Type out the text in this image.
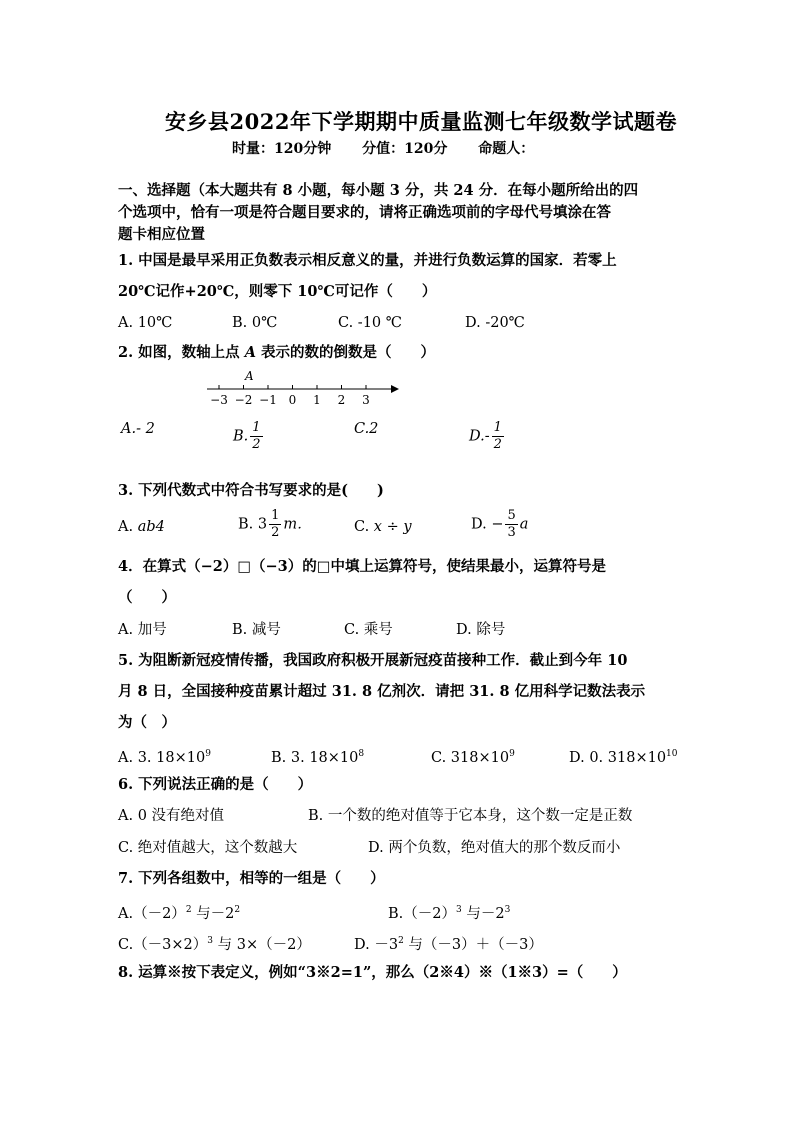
安乡县2022年下学期期中质量监测七年级数学试题卷
时量：120分钟 分值：120分 命题人：
一、选择题（本大题共有 8 小题，每小题 3 分，共 24 分．在每小题所给出的四
个选项中，恰有一项是符合题目要求的，请将正确选项前的字母代号填涂在答
题卡相应位置
1. 中国是最早采用正负数表示相反意义的量，并进行负数运算的国家．若零上
20℃记作+20℃，则零下 10℃可记作（　　）
A. 10℃	B. 0℃	C. -10 ℃	D. -20℃
2. 如图，数轴上点 A 表示的数的倒数是（　　）
A
−3 −2 −1 0 1 2 3
A.- 2	B. $\frac{1}{2}$	C.2	$D.- \frac{1}{2}$
3. 下列代数式中符合书写要求的是(　　)
A. ab4	B. $3 \frac{1}{2}$ m．	C. x ÷ y	D. − $\frac{5}{3}$ a
4．在算式（−2）□（−3）的□中填上运算符号，使结果最小，运算符号是
（　　）
A. 加号	B. 减号	C. 乘号	D. 除号
5. 为阻断新冠疫情传播，我国政府积极开展新冠疫苗接种工作．截止到今年 10
月 8 日，全国接种疫苗累计超过 31. 8 亿剂次．请把 31. 8 亿用科学记数法表示
为（　）
A. 3. $18\times 10^9$	B. 3. $18\times 10^8$	C. $318\times 10^9$	D. 0. $318\times 10^{10}$
6. 下列说法正确的是（　　）
A. 0 没有绝对值	B. 一个数的绝对值等于它本身，这个数一定是正数
C. 绝对值越大，这个数越大	D. 两个负数，绝对值大的那个数反而小
7. 下列各组数中，相等的一组是（　　）
$A.(-2)^2$ 与$-2^2$	$B.(-2)^3$ 与$-2^3$
$C.(-3\times 2)^3$ 与 3×（－2）	D. $-3^2$ 与（－3）＋（－3）
8. 运算※按下表定义，例如“3※2=1”，那么（2※4）※（1※3）=（　　）
